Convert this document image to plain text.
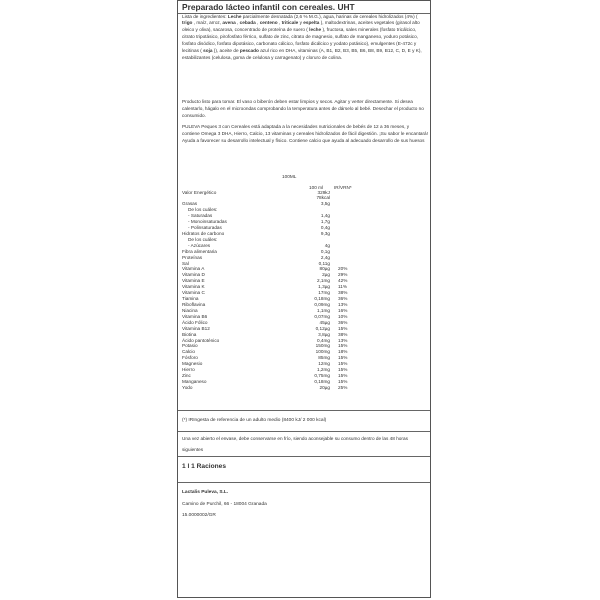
Preparado lácteo infantil con cereales. UHT
Lista de ingredientes: Leche parcialmente desnatada (2,6 % M.G.), agua, harinas de cereales hidrolizados (4%) ( trigo , maíz, arroz, avena , cebada , centeno , triticale y espelta ), maltodextrinas, aceites vegetales (girasol alto oleico y oliva), sacarosa, concentrado de proteína de suero ( leche ), fructosa, sales minerales (fosfato tricálcico, citrato tripotásico, pirofosfato férrico, sulfato de zinc, citrato de magnesio, sulfato de manganeso, yoduro potásico, fosfato disódico, fosfato dipotásico, carbonato cálcico, fosfato dicálcico y yodato potásico), emulgentes (E-472c y lecitinas ( soja )), aceite de pescado azul rico en DHA, vitaminas (A, B1, B2, B3, B5, B6, B8, B9, B12, C, D, E y K), estabilizantes (celulosa, goma de celulosa y carragenato) y cloruro de colina.
Producto listo para tomar. El vaso o biberón deben estar limpios y secos. Agitar y verter directamente. Si desea calentarlo, hágalo en el microondas comprobando la temperatura antes de dárselo al bebé. Desechar el producto no consumido.
PULEVA Peques 3 con Cereales está adaptada a la necesidades nutricionales de bebés de 12 a 36 meses, y contiene Omega 3 DHA, Hierro, Calcio, 13 vitaminas y cereales hidrolizados de fácil digestión. ¡Su sabor le encantará! Ayuda a favorecer su desarrollo intelectual y físico. Contiene calcio que ayuda al adecuado desarrollo de sus huesos
100ML
100 ml IR/VRN*
Valor Energético	329kJ
78kcal
Grasas	3,5g
De los cuáles:
- Saturadas	1,4g
- Monoinsaturadas	1,7g
- Polinsaturadas	0,4g
Hidratos de carbono	9,3g
De los cuáles:
- Azúcares	4g
Fibra alimentaria	0,1g
Proteínas	2,4g
Sal	0,11g
Vitamina A	80µg 20%
Vitamina D	2µg 29%
Vitamina E	2,1mg 42%
Vitamina K	1,3µg 11%
Vitamina C	17mg 38%
Tiamina	0,18mg 36%
Riboflavina	0,09mg 13%
Niacina	1,1mg 16%
Vitamina B6	0,07mg 10%
Ácido Fólico	45µg 36%
Vitamina B12	0,12µg 15%
Biotina	3,8µg 38%
Ácido pantoténico	0,4mg 13%
Potasio	150mg 15%
Calcio	100mg 18%
Fósforo	85mg 15%
Magnesio	12mg 15%
Hierro	1,2mg 15%
Zinc	0,75mg 15%
Manganeso	0,18mg 15%
Yodo	20µg 25%
(*) IRIngesta de referencia de un adulto medio (8400 kJ/ 2 000 kcal)
Una vez abierto el envase, debe conservarse en frío, siendo aconsejable su consumo dentro de las 48 horas siguientes
1 l 1 Raciones
Lactalis Puleva, S.L.
Camino de Purchil, 66 - 18004 Granada
15.0000002/GR
